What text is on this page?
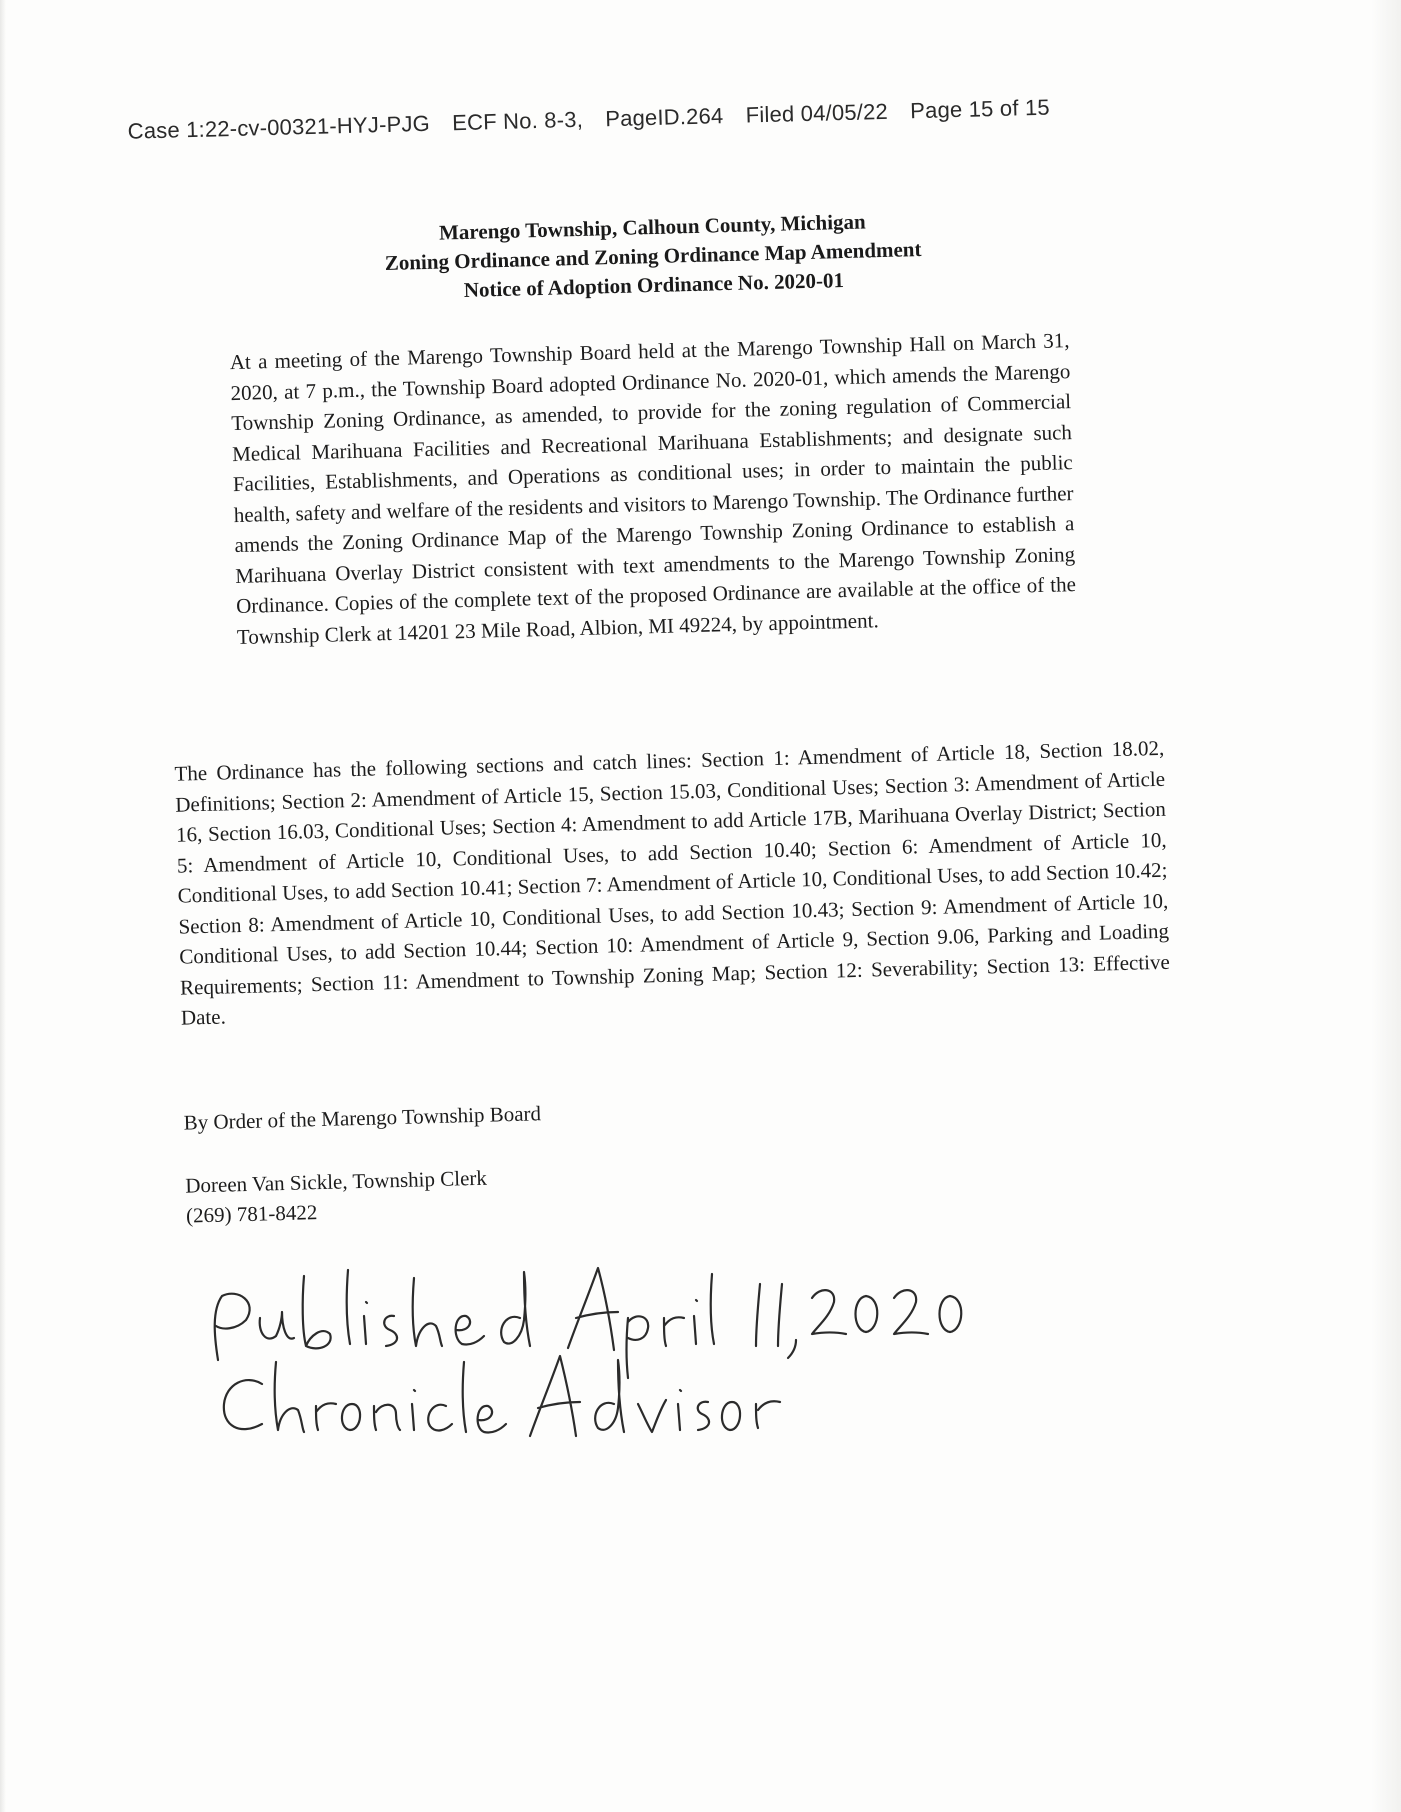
Case 1:22-cv-00321-HYJ-PJG ECF No. 8-3, PageID.264 Filed 04/05/22 Page 15 of 15
Marengo Township, Calhoun County, Michigan
Zoning Ordinance and Zoning Ordinance Map Amendment
Notice of Adoption Ordinance No. 2020-01
At a meeting of the Marengo Township Board held at the Marengo Township Hall on March 31, 2020, at 7 p.m., the Township Board adopted Ordinance No. 2020-01, which amends the Marengo Township Zoning Ordinance, as amended, to provide for the zoning regulation of Commercial Medical Marihuana Facilities and Recreational Marihuana Establishments; and designate such Facilities, Establishments, and Operations as conditional uses; in order to maintain the public health, safety and welfare of the residents and visitors to Marengo Township. The Ordinance further amends the Zoning Ordinance Map of the Marengo Township Zoning Ordinance to establish a Marihuana Overlay District consistent with text amendments to the Marengo Township Zoning Ordinance. Copies of the complete text of the proposed Ordinance are available at the office of the Township Clerk at 14201 23 Mile Road, Albion, MI 49224, by appointment.
The Ordinance has the following sections and catch lines: Section 1: Amendment of Article 18, Section 18.02, Definitions; Section 2: Amendment of Article 15, Section 15.03, Conditional Uses; Section 3: Amendment of Article 16, Section 16.03, Conditional Uses; Section 4: Amendment to add Article 17B, Marihuana Overlay District; Section 5: Amendment of Article 10, Conditional Uses, to add Section 10.40; Section 6: Amendment of Article 10, Conditional Uses, to add Section 10.41; Section 7: Amendment of Article 10, Conditional Uses, to add Section 10.42; Section 8: Amendment of Article 10, Conditional Uses, to add Section 10.43; Section 9: Amendment of Article 10, Conditional Uses, to add Section 10.44; Section 10: Amendment of Article 9, Section 9.06, Parking and Loading Requirements; Section 11: Amendment to Township Zoning Map; Section 12: Severability; Section 13: Effective Date.
By Order of the Marengo Township Board
Doreen Van Sickle, Township Clerk
(269) 781-8422
